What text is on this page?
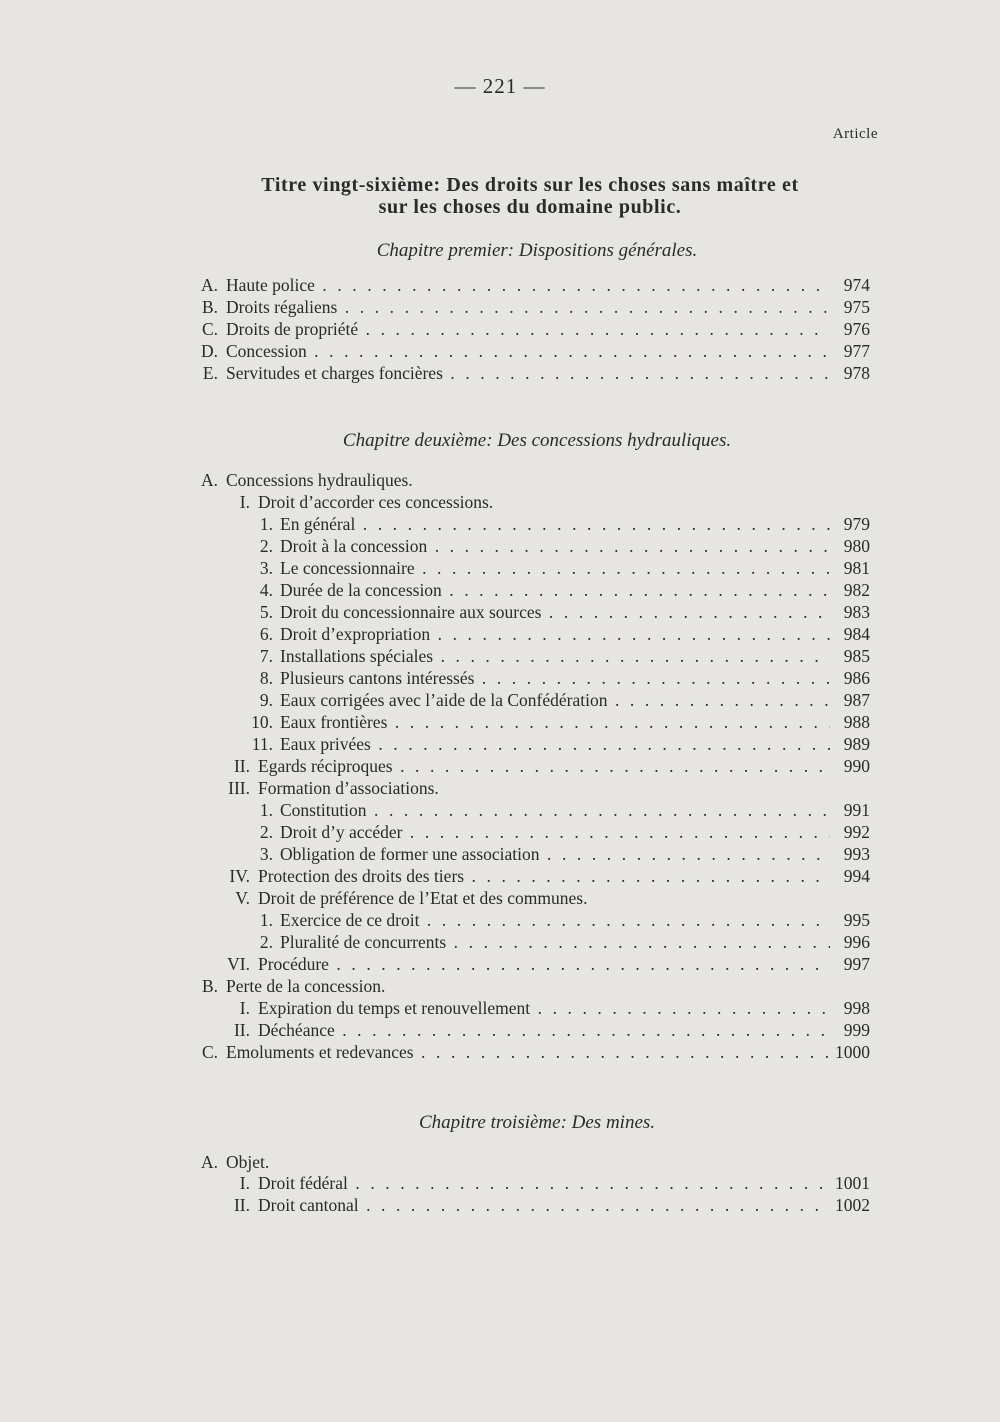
— 221 —
Article
Titre vingt-sixième: Des droits sur les choses sans maître et
sur les choses du domaine public.
Chapitre premier: Dispositions générales.
A. Haute police . . .	974
B. Droits régaliens . . .	975
C. Droits de propriété . . .	976
D. Concession . . .	977
E. Servitudes et charges foncières . . .	978
Chapitre deuxième: Des concessions hydrauliques.
A. Concessions hydrauliques.
I. Droit d’accorder ces concessions.
1. En général . . .	979
2. Droit à la concession . . .	980
3. Le concessionnaire . . .	981
4. Durée de la concession . . .	982
5. Droit du concessionnaire aux sources . . .	983
6. Droit d’expropriation . . .	984
7. Installations spéciales . . .	985
8. Plusieurs cantons intéressés . . .	986
9. Eaux corrigées avec l’aide de la Confédération . . .	987
10. Eaux frontières . . .	988
11. Eaux privées . . .	989
II. Egards réciproques . . .	990
III. Formation d’associations.
1. Constitution . . .	991
2. Droit d’y accéder . . .	992
3. Obligation de former une association . . .	993
IV. Protection des droits des tiers . . .	994
V. Droit de préférence de l’Etat et des communes.
1. Exercice de ce droit . . .	995
2. Pluralité de concurrents . . .	996
VI. Procédure . . .	997
B. Perte de la concession.
I. Expiration du temps et renouvellement . . .	998
II. Déchéance . . .	999
C. Emoluments et redevances . . .	1000
Chapitre troisième: Des mines.
A. Objet.
I. Droit fédéral . . .	1001
II. Droit cantonal . . .	1002
